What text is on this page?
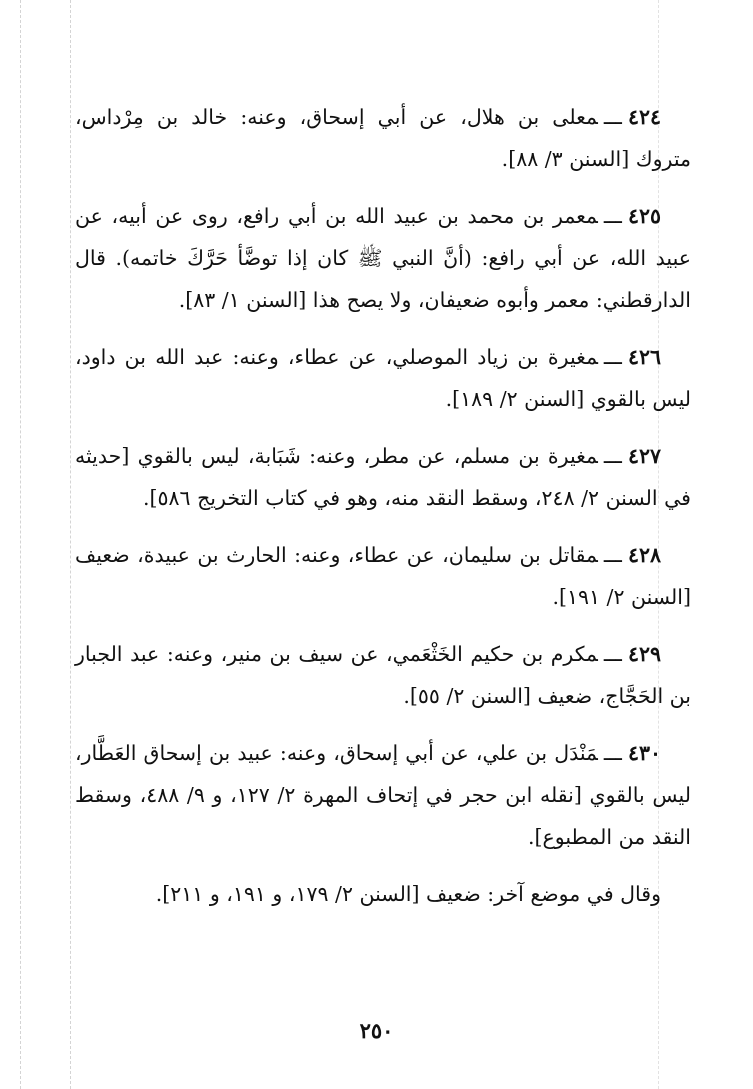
٤٢٤ـــمعلى بن هلال، عن أبي إسحاق، وعنه: خالد بن مِرْداس، متروك [السنن ٣/ ٨٨].

٤٢٥ـــمعمر بن محمد بن عبيد الله بن أبي رافع، روى عن أبيه، عن عبيد الله، عن أبي رافع: (أنَّ النبي ﷺ كان إذا توضَّأ حَرَّكَ خاتمه). قال الدارقطني: معمر وأبوه ضعيفان، ولا يصح هذا [السنن ١/ ٨٣].

٤٢٦ـــمغيرة بن زياد الموصلي، عن عطاء، وعنه: عبد الله بن داود، ليس بالقوي [السنن ٢/ ١٨٩].

٤٢٧ـــمغيرة بن مسلم، عن مطر، وعنه: شَبَابة، ليس بالقوي [حديثه في السنن ٢/ ٢٤٨، وسقط النقد منه، وهو في كتاب التخريج ٥٨٦].

٤٢٨ـــمقاتل بن سليمان، عن عطاء، وعنه: الحارث بن عبيدة، ضعيف [السنن ٢/ ١٩١].

٤٢٩ـــمكرم بن حكيم الخَثْعَمي، عن سيف بن منير، وعنه: عبد الجبار بن الحَجَّاج، ضعيف [السنن ٢/ ٥٥].

٤٣٠ـــمَنْدَل بن علي، عن أبي إسحاق، وعنه: عبيد بن إسحاق العَطَّار، ليس بالقوي [نقله ابن حجر في إتحاف المهرة ٢/ ١٢٧، و ٩/ ٤٨٨، وسقط النقد من المطبوع].

وقال في موضع آخر: ضعيف [السنن ٢/ ١٧٩، و ١٩١، و ٢١١].

٢٥٠
